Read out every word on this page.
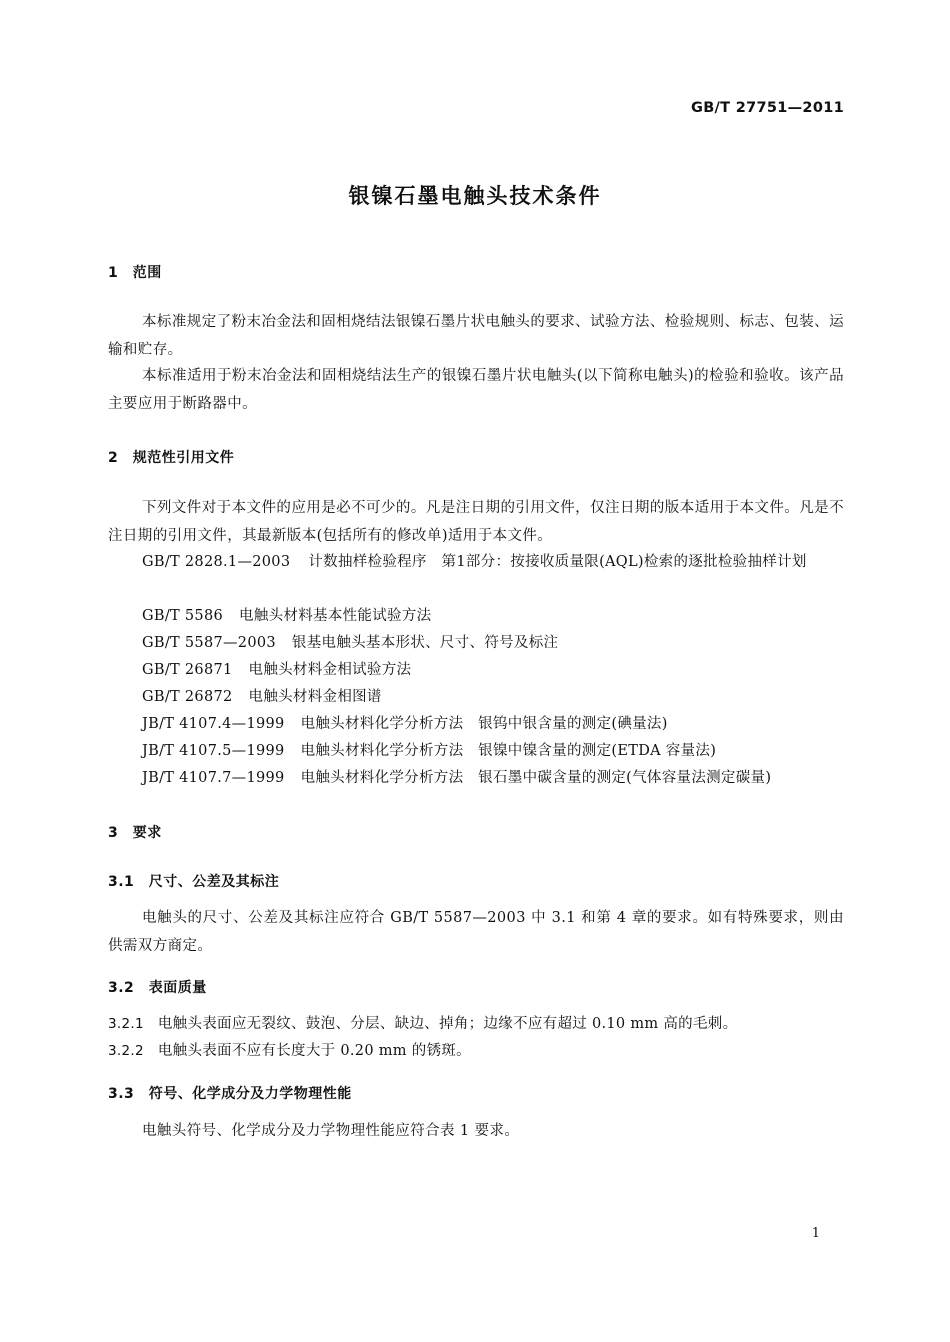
GB/T 27751—2011
银镍石墨电触头技术条件
1　范围
本标准规定了粉末冶金法和固相烧结法银镍石墨片状电触头的要求、试验方法、检验规则、标志、包装、运输和贮存。
本标准适用于粉末冶金法和固相烧结法生产的银镍石墨片状电触头(以下简称电触头)的检验和验收。该产品主要应用于断路器中。
2　规范性引用文件
下列文件对于本文件的应用是必不可少的。凡是注日期的引用文件，仅注日期的版本适用于本文件。凡是不注日期的引用文件，其最新版本(包括所有的修改单)适用于本文件。
GB/T 2828.1—2003 计数抽样检验程序　第1部分：按接收质量限(AQL)检索的逐批检验抽样计划
GB/T 5586 电触头材料基本性能试验方法
GB/T 5587—2003 银基电触头基本形状、尺寸、符号及标注
GB/T 26871 电触头材料金相试验方法
GB/T 26872 电触头材料金相图谱
JB/T 4107.4—1999 电触头材料化学分析方法　银钨中银含量的测定(碘量法)
JB/T 4107.5—1999 电触头材料化学分析方法　银镍中镍含量的测定(ETDA 容量法)
JB/T 4107.7—1999 电触头材料化学分析方法　银石墨中碳含量的测定(气体容量法测定碳量)
3　要求
3.1　尺寸、公差及其标注
电触头的尺寸、公差及其标注应符合 GB/T 5587—2003 中 3.1 和第 4 章的要求。如有特殊要求，则由供需双方商定。
3.2　表面质量
3.2.1 电触头表面应无裂纹、鼓泡、分层、缺边、掉角；边缘不应有超过 0.10 mm 高的毛刺。
3.2.2 电触头表面不应有长度大于 0.20 mm 的锈斑。
3.3　符号、化学成分及力学物理性能
电触头符号、化学成分及力学物理性能应符合表 1 要求。
1
